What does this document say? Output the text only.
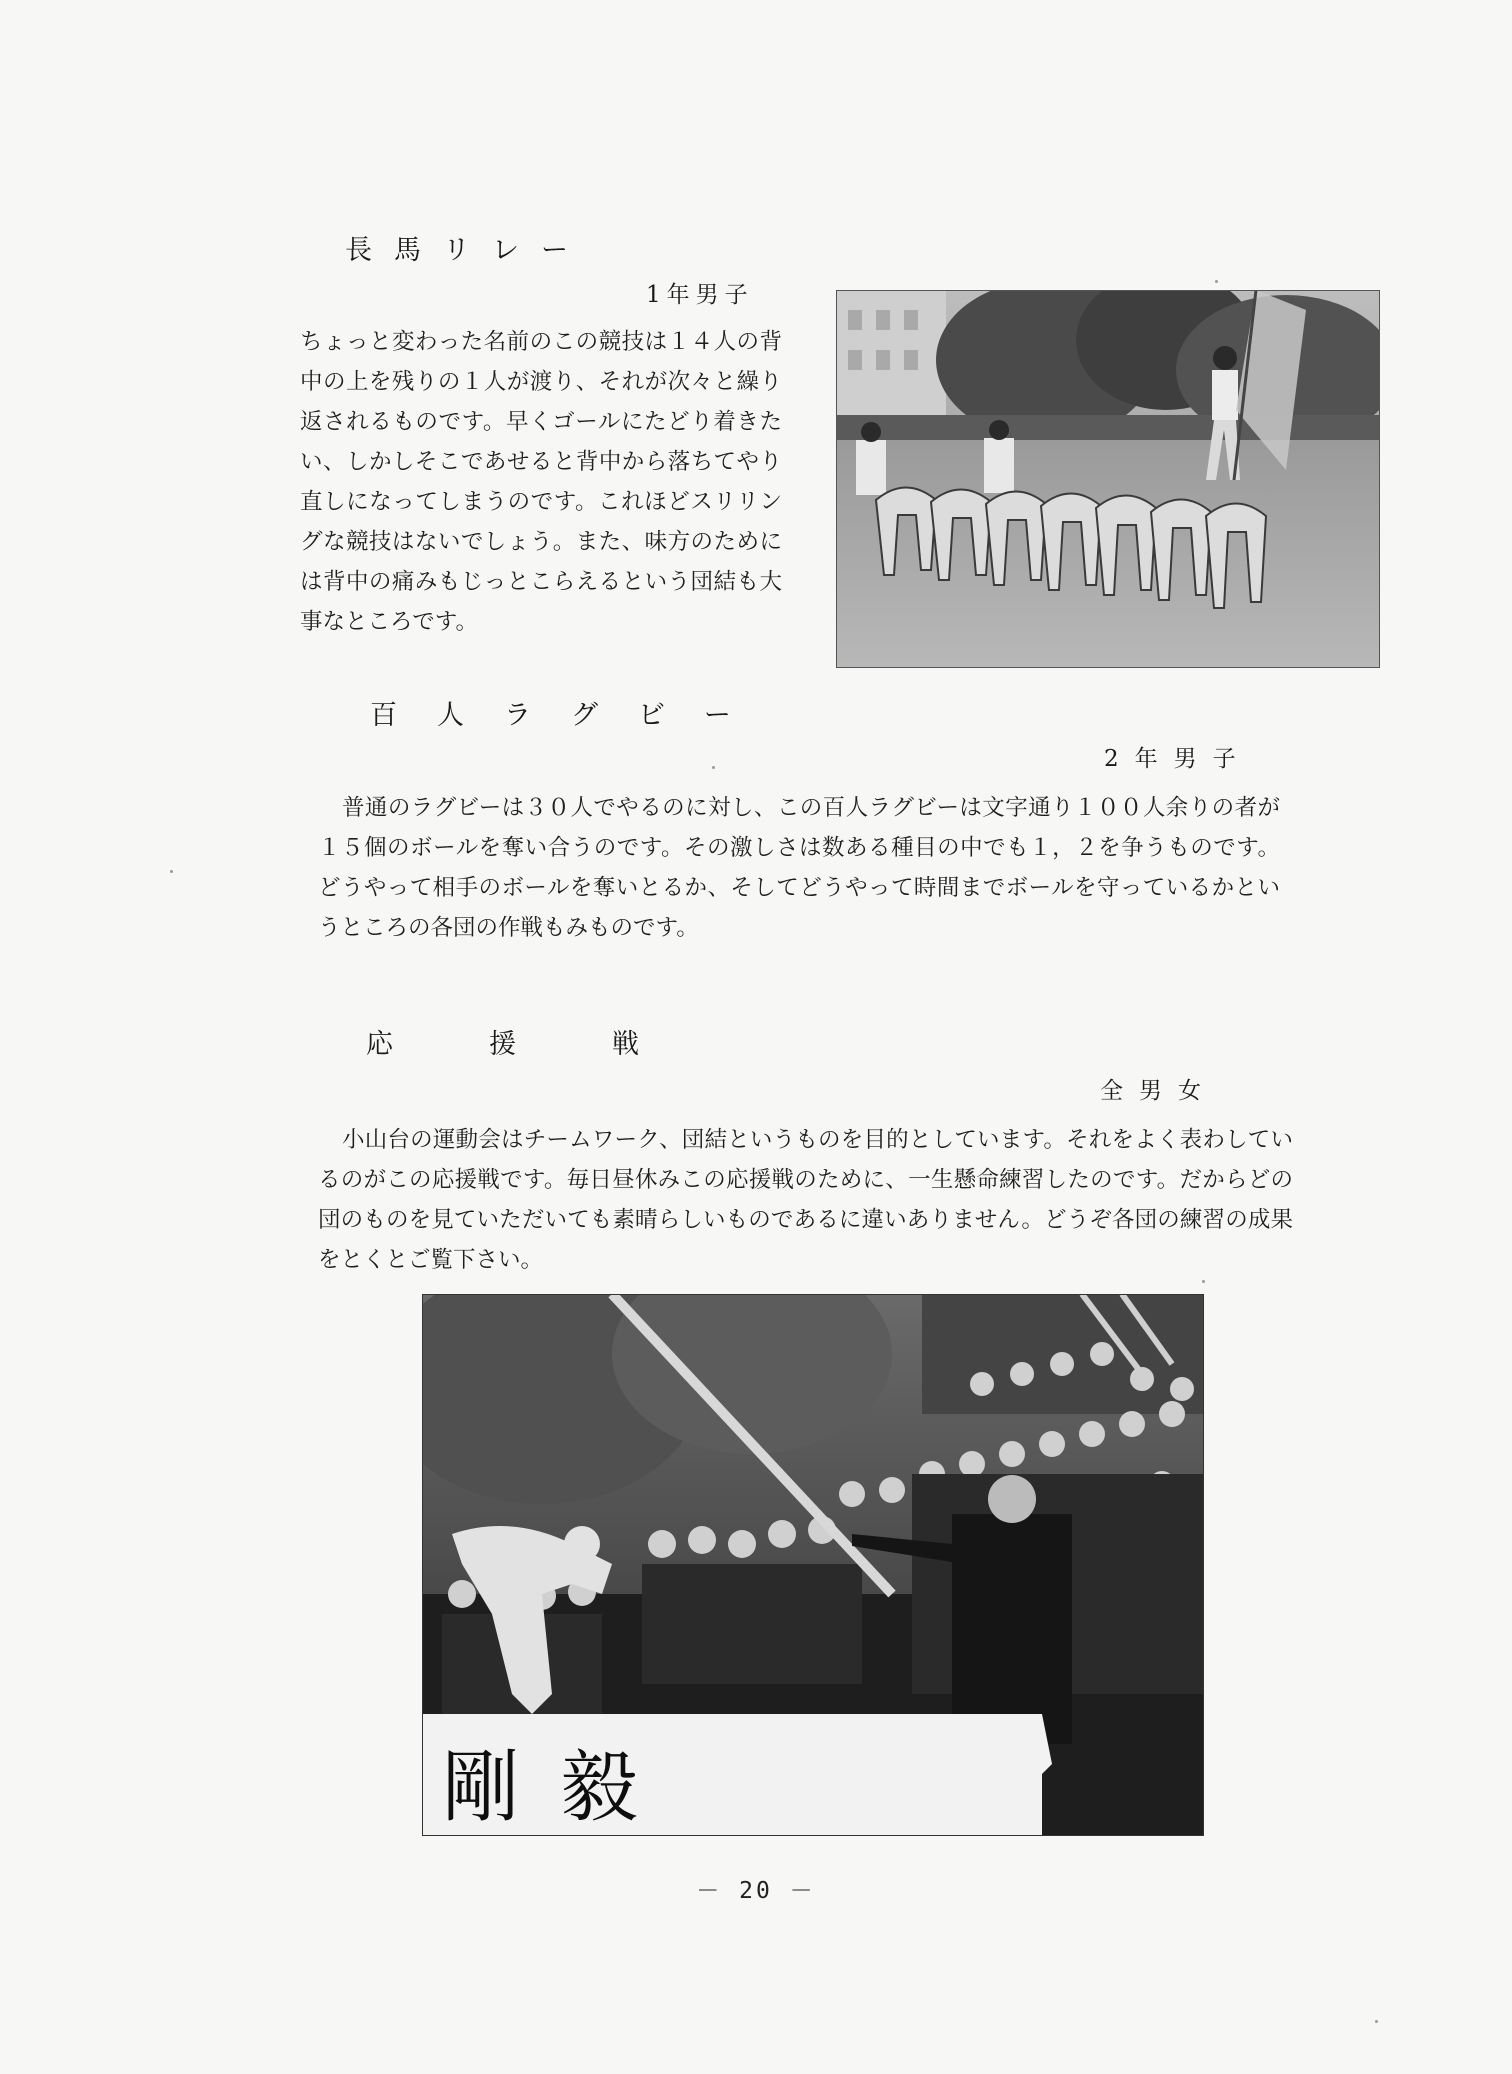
長馬リレー
1年男子
ちょっと変わった名前のこの競技は１４人の背中の上を残りの１人が渡り、それが次々と繰り返されるものです。早くゴールにたどり着きたい、しかしそこであせると背中から落ちてやり直しになってしまうのです。これほどスリリングな競技はないでしょう。また、味方のためには背中の痛みもじっとこらえるという団結も大事なところです。
百人ラグビー
2年男子
普通のラグビーは３０人でやるのに対し、この百人ラグビーは文字通り１００人余りの者が１５個のボールを奪い合うのです。その激しさは数ある種目の中でも１，２を争うものです。どうやって相手のボールを奪いとるか、そしてどうやって時間までボールを守っているかというところの各団の作戦もみものです。
応援戦
全男女
小山台の運動会はチームワーク、団結というものを目的としています。それをよく表わしているのがこの応援戦です。毎日昼休みこの応援戦のために、一生懸命練習したのです。だからどの団のものを見ていただいても素晴らしいものであるに違いありません。どうぞ各団の練習の成果をとくとご覧下さい。
剛毅
－ 20 －
